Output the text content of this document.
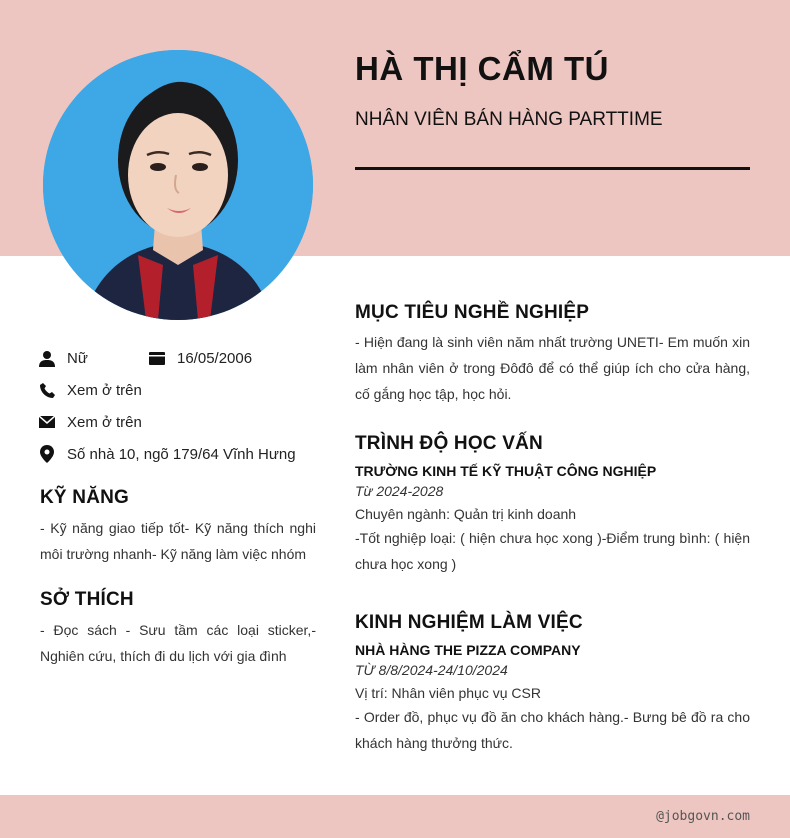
HÀ THỊ CẨM TÚ
NHÂN VIÊN BÁN HÀNG PARTTIME
Nữ	16/05/2006
Xem ở trên
Xem ở trên
Số nhà 10, ngõ 179/64 Vĩnh Hưng
KỸ NĂNG
- Kỹ năng giao tiếp tốt- Kỹ năng thích nghi môi trường nhanh- Kỹ năng làm việc nhóm
SỞ THÍCH
- Đọc sách - Sưu tầm các loại sticker,- Nghiên cứu, thích đi du lịch với gia đình
MỤC TIÊU NGHỀ NGHIỆP
- Hiện đang là sinh viên năm nhất trường UNETI- Em muốn xin làm nhân viên ở trong Đôđô để có thể giúp ích cho cửa hàng, cố gắng học tập, học hỏi.
TRÌNH ĐỘ HỌC VẤN
TRƯỜNG KINH TẾ KỸ THUẬT CÔNG NGHIỆP
Từ 2024-2028
Chuyên ngành: Quản trị kinh doanh
-Tốt nghiệp loại: ( hiện chưa học xong )-Điểm trung bình: ( hiện chưa học xong )
KINH NGHIỆM LÀM VIỆC
NHÀ HÀNG THE PIZZA COMPANY
TỪ 8/8/2024-24/10/2024
Vị trí: Nhân viên phục vụ CSR
- Order đồ, phục vụ đồ ăn cho khách hàng.- Bưng bê đồ ra cho khách hàng thưởng thức.
@jobgovn.com
